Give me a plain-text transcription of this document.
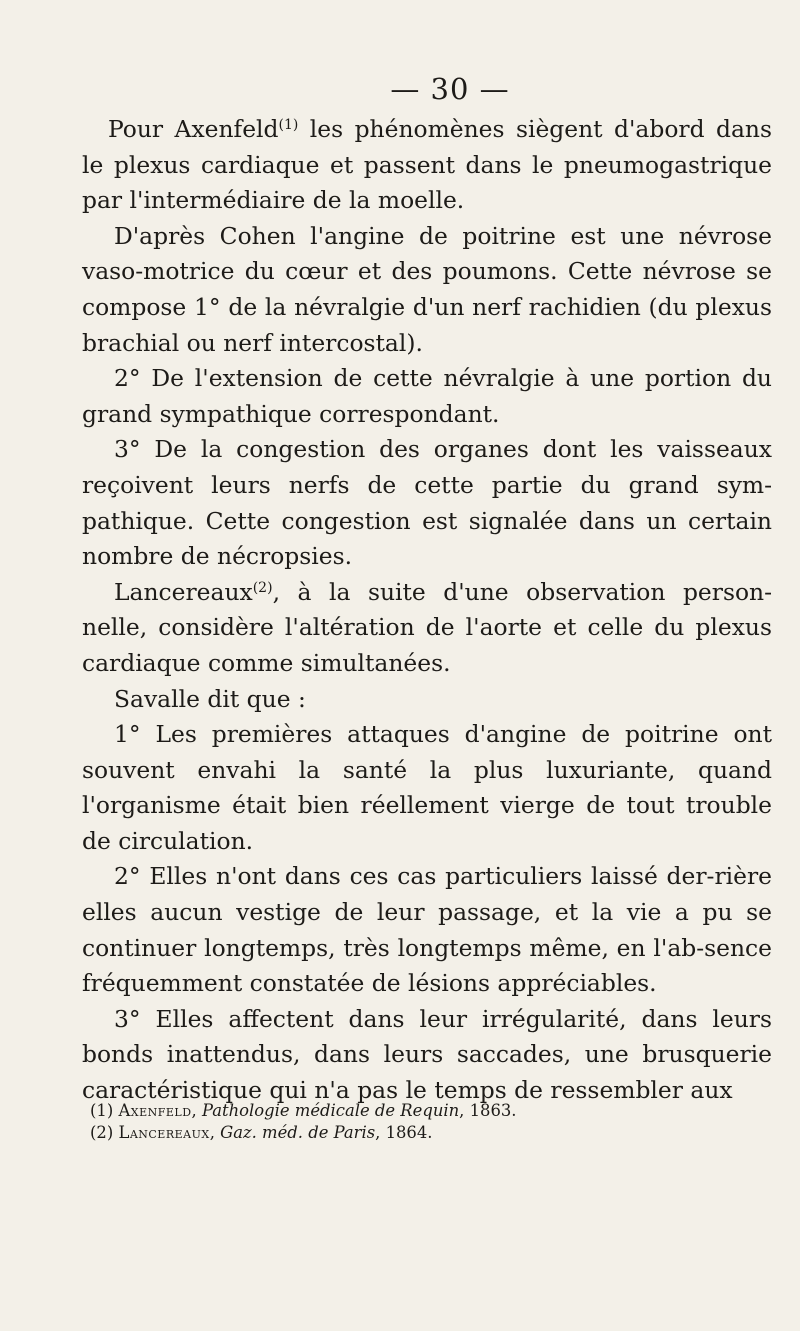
— 30 —

Pour Axenfeld$^{(1)}$ les phénomènes siègent d'abord dans le plexus cardiaque et passent dans le pneumogastrique par l'intermédiaire de la moelle.

D'après Cohen l'angine de poitrine est une névrose vaso-motrice du cœur et des poumons. Cette névrose se compose 1° de la névralgie d'un nerf rachidien (du plexus brachial ou nerf intercostal).

2° De l'extension de cette névralgie à une portion du grand sympathique correspondant.

3° De la congestion des organes dont les vaisseaux reçoivent leurs nerfs de cette partie du grand sym-pathique. Cette congestion est signalée dans un certain nombre de nécropsies.

Lancereaux$^{(2)}$, à la suite d'une observation person-nelle, considère l'altération de l'aorte et celle du plexus cardiaque comme simultanées.

Savalle dit que :

1° Les premières attaques d'angine de poitrine ont souvent envahi la santé la plus luxuriante, quand l'organisme était bien réellement vierge de tout trouble de circulation.

2° Elles n'ont dans ces cas particuliers laissé der-rière elles aucun vestige de leur passage, et la vie a pu se continuer longtemps, très longtemps même, en l'ab-sence fréquemment constatée de lésions appréciables.

3° Elles affectent dans leur irrégularité, dans leurs bonds inattendus, dans leurs saccades, une brusquerie caractéristique qui n'a pas le temps de ressembler aux

(1) Axenfeld, Pathologie médicale de Requin, 1863.

(2) Lancereaux, Gaz. méd. de Paris, 1864.
